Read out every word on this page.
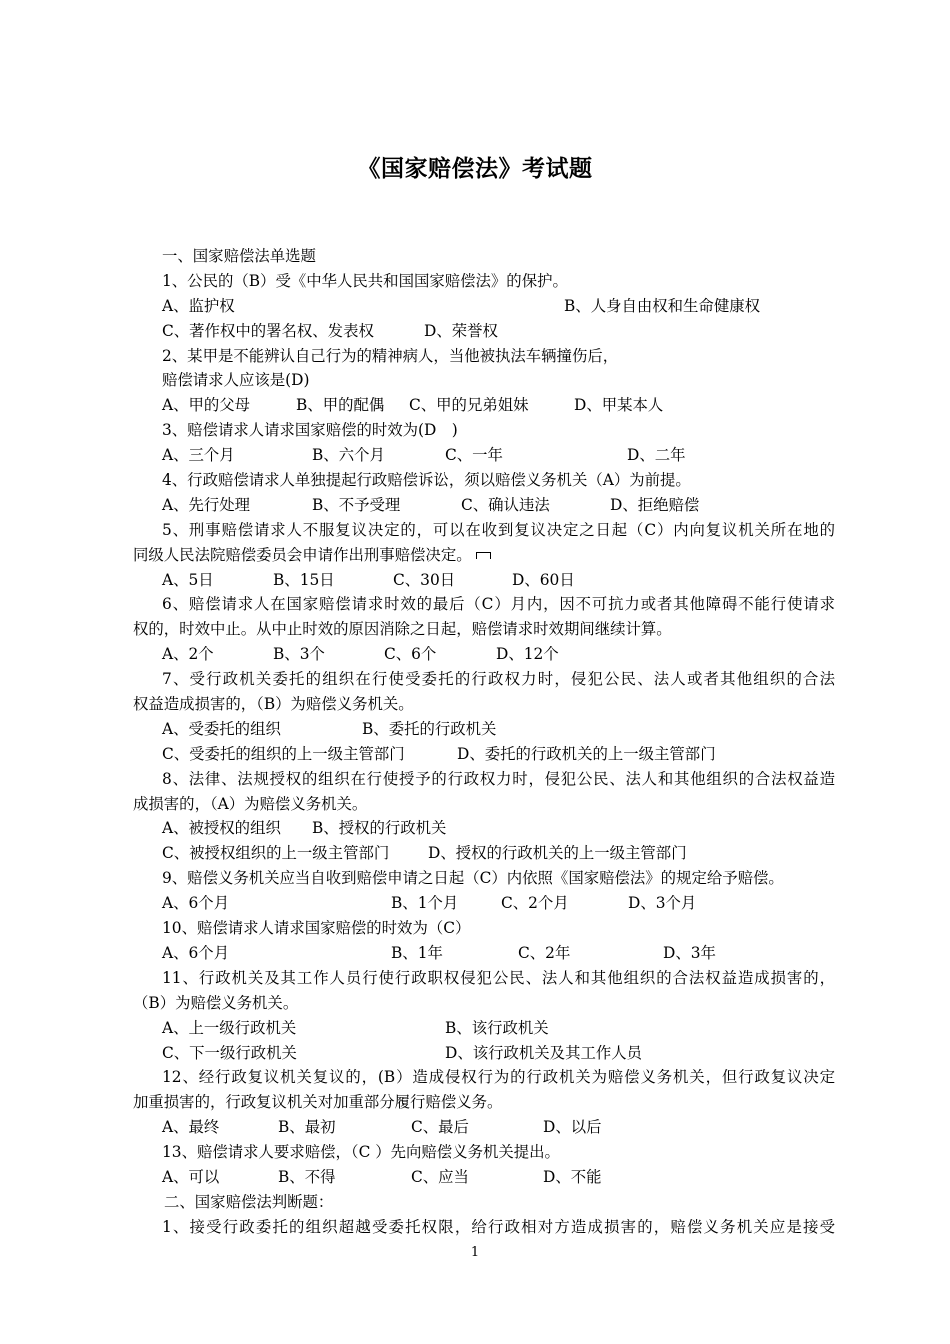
《国家赔偿法》考试题
一、国家赔偿法单选题
1、公民的（B）受《中华人民共和国国家赔偿法》的保护。
A、监护权	B、人身自由权和生命健康权
C、著作权中的署名权、发表权	D、荣誉权
2、某甲是不能辨认自己行为的精神病人，当他被执法车辆撞伤后，
赔偿请求人应该是(D)
A、甲的父母	B、甲的配偶 C、甲的兄弟姐妹	D、甲某本人
3、赔偿请求人请求国家赔偿的时效为(D　)
A、三个月	B、六个月	C、一年	D、二年
4、行政赔偿请求人单独提起行政赔偿诉讼，须以赔偿义务机关（A）为前提。
A、先行处理	B、不予受理	C、确认违法	D、拒绝赔偿
5、刑事赔偿请求人不服复议决定的，可以在收到复议决定之日起（C）内向复议机关所在地的
同级人民法院赔偿委员会申请作出刑事赔偿决定。
A、5日	B、15日	C、30日	D、60日
6、赔偿请求人在国家赔偿请求时效的最后（C）月内，因不可抗力或者其他障碍不能行使请求
权的，时效中止。从中止时效的原因消除之日起，赔偿请求时效期间继续计算。
A、2个	B、3个	C、6个	D、12个
7、受行政机关委托的组织在行使受委托的行政权力时，侵犯公民、法人或者其他组织的合法
权益造成损害的，（B）为赔偿义务机关。
A、受委托的组织	B、委托的行政机关
C、受委托的组织的上一级主管部门	D、委托的行政机关的上一级主管部门
8、法律、法规授权的组织在行使授予的行政权力时，侵犯公民、法人和其他组织的合法权益造
成损害的，（A）为赔偿义务机关。
A、被授权的组织 B、授权的行政机关
C、被授权组织的上一级主管部门	D、授权的行政机关的上一级主管部门
9、赔偿义务机关应当自收到赔偿申请之日起（C）内依照《国家赔偿法》的规定给予赔偿。
A、6个月	B、1个月	C、2个月	D、3个月
10、赔偿请求人请求国家赔偿的时效为（C）
A、6个月	B、1年	C、2年	D、3年
11、行政机关及其工作人员行使行政职权侵犯公民、法人和其他组织的合法权益造成损害的，
（B）为赔偿义务机关。
A、上一级行政机关	B、该行政机关
C、下一级行政机关	D、该行政机关及其工作人员
12、经行政复议机关复议的，(B）造成侵权行为的行政机关为赔偿义务机关，但行政复议决定
加重损害的，行政复议机关对加重部分履行赔偿义务。
A、最终	B、最初	C、最后	D、以后
13、赔偿请求人要求赔偿，（C ）先向赔偿义务机关提出。
A、可以	B、不得	C、应当	D、不能
二、国家赔偿法判断题：
1、接受行政委托的组织超越受委托权限，给行政相对方造成损害的，赔偿义务机关应是接受
1
